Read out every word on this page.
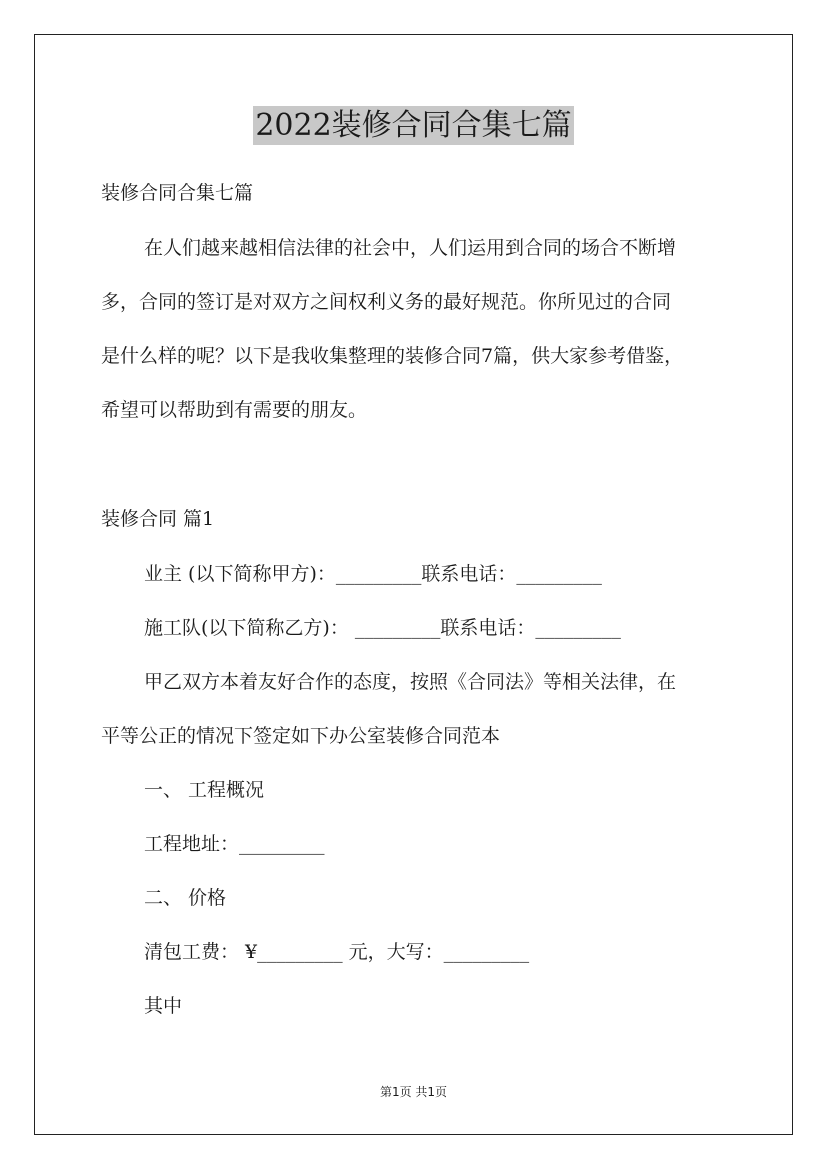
2022装修合同合集七篇
装修合同合集七篇
在人们越来越相信法律的社会中，人们运用到合同的场合不断增
多，合同的签订是对双方之间权利义务的最好规范。你所见过的合同
是什么样的呢？以下是我收集整理的装修合同7篇，供大家参考借鉴，
希望可以帮助到有需要的朋友。
装修合同 篇1
业主 (以下简称甲方)：_________联系电话：_________
施工队(以下简称乙方)： _________联系电话：_________
甲乙双方本着友好合作的态度，按照《合同法》等相关法律，在
平等公正的情况下签定如下办公室装修合同范本
一、 工程概况
工程地址：_________
二、 价格
清包工费： ¥_________ 元，大写：_________
其中
第1页 共1页
